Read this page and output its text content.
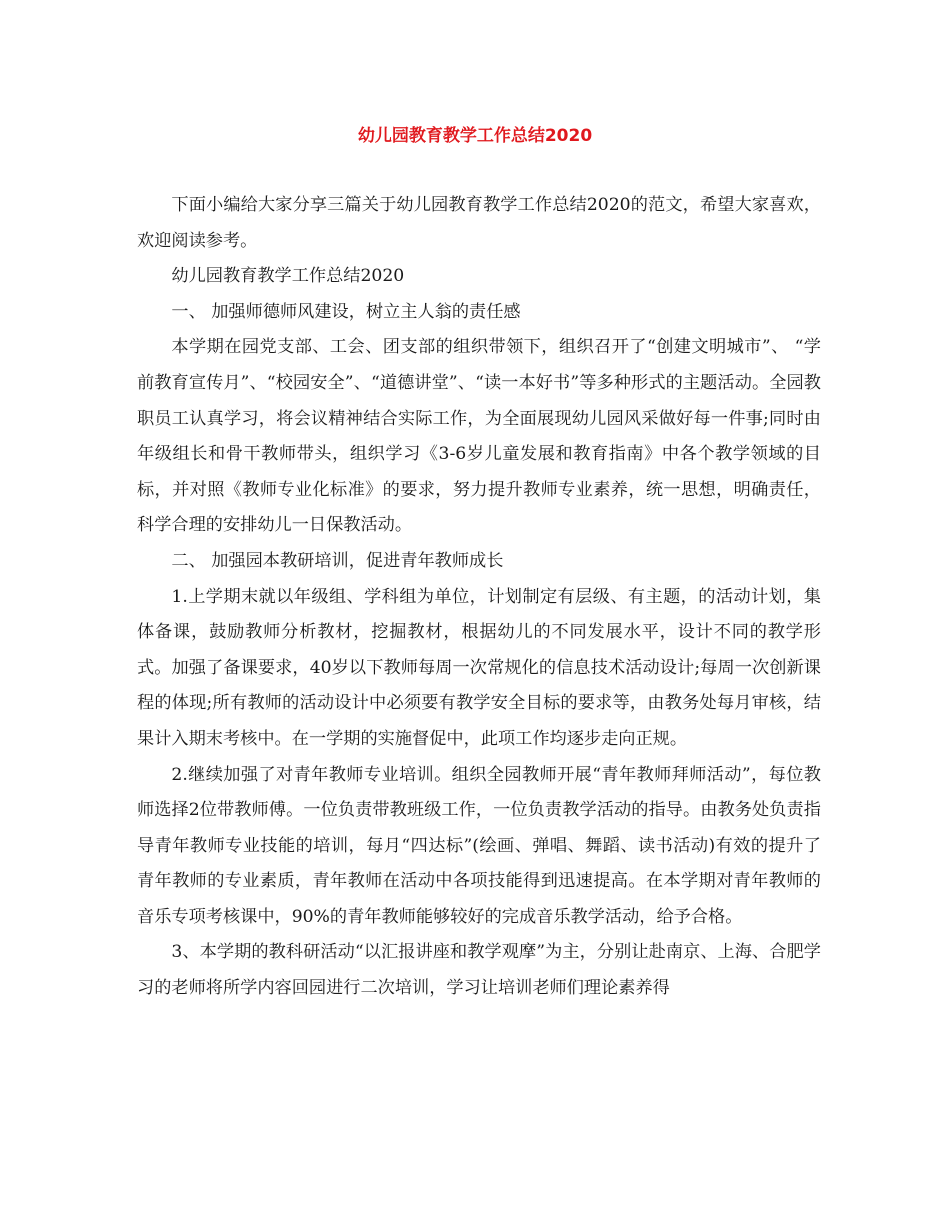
幼儿园教育教学工作总结2020

下面小编给大家分享三篇关于幼儿园教育教学工作总结2020的范文，希望大家喜欢，欢迎阅读参考。

幼儿园教育教学工作总结2020

一、 加强师德师风建设，树立主人翁的责任感

本学期在园党支部、工会、团支部的组织带领下，组织召开了“创建文明城市”、 “学前教育宣传月”、“校园安全”、“道德讲堂”、“读一本好书”等多种形式的主题活动。全园教职员工认真学习，将会议精神结合实际工作，为全面展现幼儿园风采做好每一件事;同时由年级组长和骨干教师带头，组织学习《3-6岁儿童发展和教育指南》中各个教学领域的目标，并对照《教师专业化标准》的要求，努力提升教师专业素养，统一思想，明确责任，科学合理的安排幼儿一日保教活动。

二、 加强园本教研培训，促进青年教师成长

1.上学期末就以年级组、学科组为单位，计划制定有层级、有主题，的活动计划，集体备课，鼓励教师分析教材，挖掘教材，根据幼儿的不同发展水平，设计不同的教学形式。加强了备课要求，40岁以下教师每周一次常规化的信息技术活动设计;每周一次创新课程的体现;所有教师的活动设计中必须要有教学安全目标的要求等，由教务处每月审核，结果计入期末考核中。在一学期的实施督促中，此项工作均逐步走向正规。

2.继续加强了对青年教师专业培训。组织全园教师开展“青年教师拜师活动”，每位教师选择2位带教师傅。一位负责带教班级工作，一位负责教学活动的指导。由教务处负责指导青年教师专业技能的培训，每月“四达标”(绘画、弹唱、舞蹈、读书活动)有效的提升了青年教师的专业素质，青年教师在活动中各项技能得到迅速提高。在本学期对青年教师的音乐专项考核课中，90%的青年教师能够较好的完成音乐教学活动，给予合格。

3、本学期的教科研活动“以汇报讲座和教学观摩”为主，分别让赴南京、上海、合肥学习的老师将所学内容回园进行二次培训，学习让培训老师们理论素养得
